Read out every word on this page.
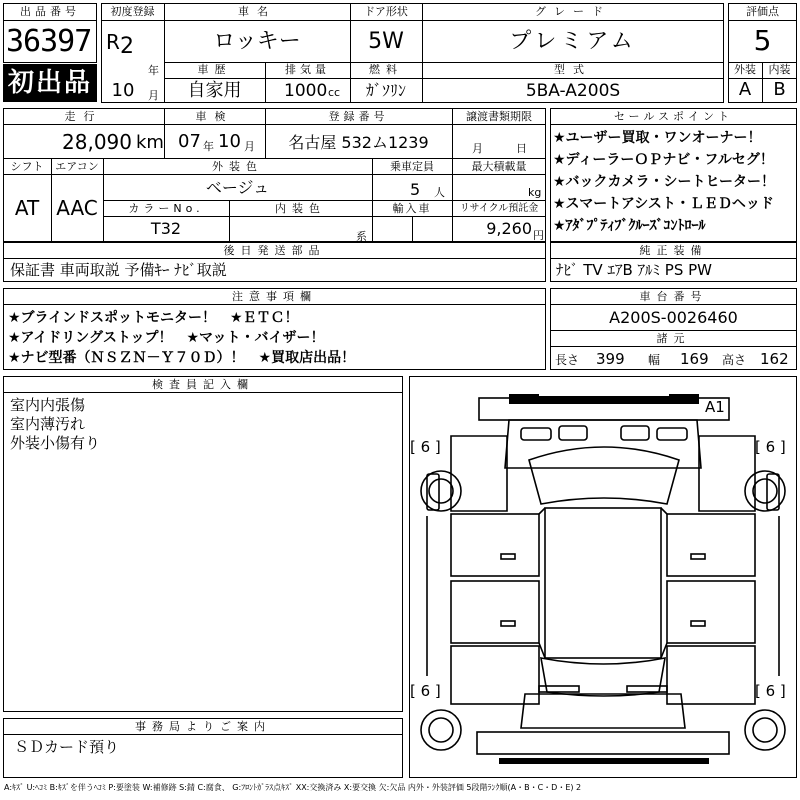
出品番号
36397
初出品
初度登録
R 2
年
10	月
車名
ロッキー
ドア形状
5W
グレード
プレミアム
車歴
自家用
排気量
1000 cc
燃料
ｶﾞｿﾘﾝ
型式
5BA-A200S
評価点
5
外装	内装
A	B
走行
28,090 km
車検
07 年 10 月
登録番号
名古屋 532ム1239
譲渡書類期限
月	日
シフト
AT
エアコン
AAC
外装色
ベージュ
乗車定員
5 人
最大積載量
kg
カラーNo.
T32
内装色
系
輸入車	リサイクル預託金
9,260 円
セールスポイント
★ユーザー買取・ワンオーナー！
★ディーラーＯＰナビ・フルセグ！
★バックカメラ・シートヒーター！
★スマートアシスト・ＬＥＤヘッド
★ｱﾀﾞﾌﾟﾃｨﾌﾞｸﾙｰｽﾞｺﾝﾄﾛｰﾙ
後日発送部品
保証書 車両取説 予備ｷｰ ﾅﾋﾞ取説
純正装備
ﾅﾋﾞ TV ｴｱB ｱﾙﾐ PS PW
注意事項欄
★ブラインドスポットモニター！　★ＥＴＣ！
★アイドリングストップ！　★マット・バイザー！
★ナビ型番（ＮＳＺＮ－Ｙ７０Ｄ）！　★買取店出品！
車台番号
A200S-0026460
諸元
長さ 399 幅 169 高さ 162
検査員記入欄
室内内張傷
室内薄汚れ
外装小傷有り
事務局よりご案内
ＳＤカード預り
A1
[ 6 ]	[ 6 ]
[ 6 ]	[ 6 ]
A:ｷｽﾞ U:ﾍｺﾐ B:ｷｽﾞを伴うﾍｺﾐ P:要塗装 W:補修跡 S:錆 C:腐食、 G:ﾌﾛﾝﾄｶﾞﾗｽ点ｷｽﾞ XX:交換済み X:要交換 欠:欠品 内外・外装評価 5段階ﾗﾝｸ順(A・B・C・D・E) 2
